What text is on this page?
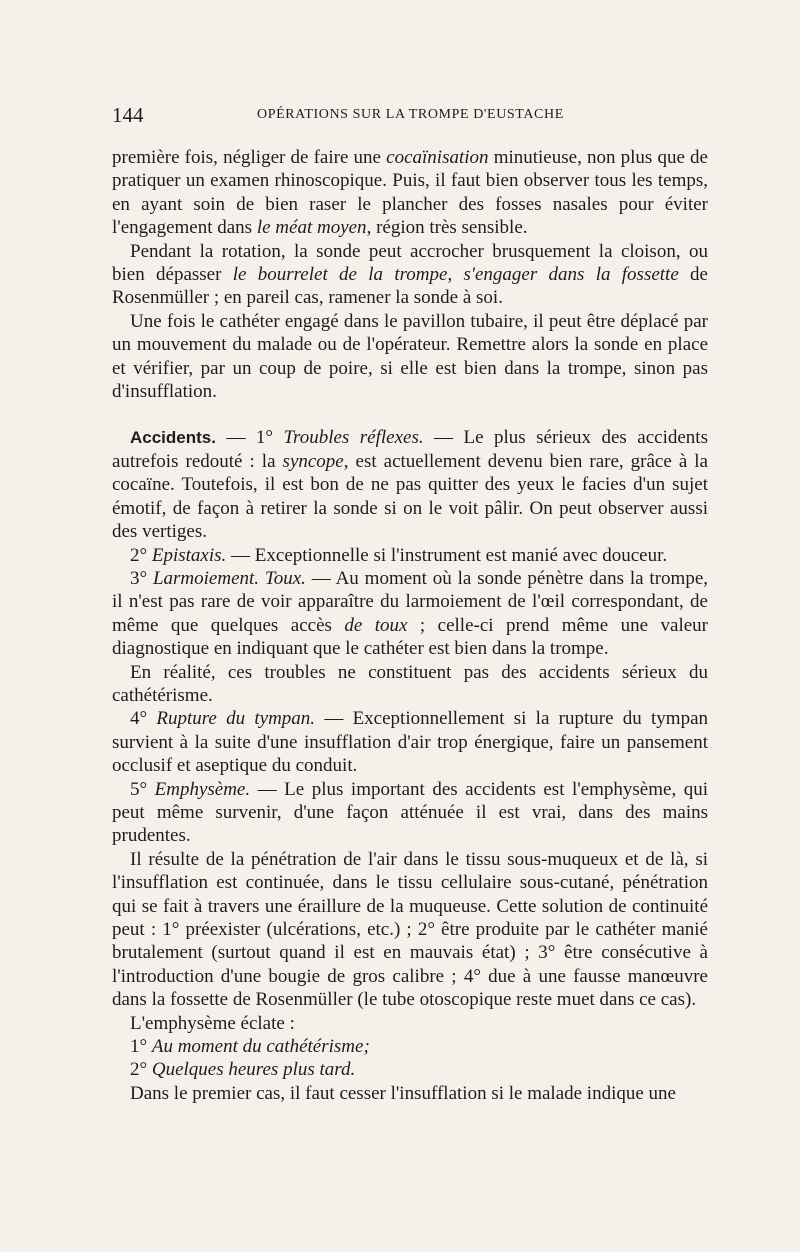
144	OPÉRATIONS SUR LA TROMPE D'EUSTACHE

première fois, négliger de faire une cocaïnisation minutieuse, non plus que de pratiquer un examen rhinoscopique. Puis, il faut bien observer tous les temps, en ayant soin de bien raser le plancher des fosses nasales pour éviter l'engagement dans le méat moyen, région très sensible.

Pendant la rotation, la sonde peut accrocher brusquement la cloison, ou bien dépasser le bourrelet de la trompe, s'engager dans la fossette de Rosenmüller ; en pareil cas, ramener la sonde à soi.

Une fois le cathéter engagé dans le pavillon tubaire, il peut être déplacé par un mouvement du malade ou de l'opérateur. Remettre alors la sonde en place et vérifier, par un coup de poire, si elle est bien dans la trompe, sinon pas d'insufflation.

Accidents. — 1° Troubles réflexes. — Le plus sérieux des accidents autrefois redouté : la syncope, est actuellement devenu bien rare, grâce à la cocaïne. Toutefois, il est bon de ne pas quitter des yeux le facies d'un sujet émotif, de façon à retirer la sonde si on le voit pâlir. On peut observer aussi des vertiges.

2° Epistaxis. — Exceptionnelle si l'instrument est manié avec douceur.

3° Larmoiement. Toux. — Au moment où la sonde pénètre dans la trompe, il n'est pas rare de voir apparaître du larmoiement de l'œil correspondant, de même que quelques accès de toux ; celle-ci prend même une valeur diagnostique en indiquant que le cathéter est bien dans la trompe.

En réalité, ces troubles ne constituent pas des accidents sérieux du cathétérisme.

4° Rupture du tympan. — Exceptionnellement si la rupture du tympan survient à la suite d'une insufflation d'air trop énergique, faire un pansement occlusif et aseptique du conduit.

5° Emphysème. — Le plus important des accidents est l'emphysème, qui peut même survenir, d'une façon atténuée il est vrai, dans des mains prudentes.

Il résulte de la pénétration de l'air dans le tissu sous-muqueux et de là, si l'insufflation est continuée, dans le tissu cellulaire sous-cutané, pénétration qui se fait à travers une éraillure de la muqueuse. Cette solution de continuité peut : 1° préexister (ulcérations, etc.) ; 2° être produite par le cathéter manié brutalement (surtout quand il est en mauvais état) ; 3° être consécutive à l'introduction d'une bougie de gros calibre ; 4° due à une fausse manœuvre dans la fossette de Rosenmüller (le tube otoscopique reste muet dans ce cas).

L'emphysème éclate :

1° Au moment du cathétérisme;

2° Quelques heures plus tard.

Dans le premier cas, il faut cesser l'insufflation si le malade indique une
